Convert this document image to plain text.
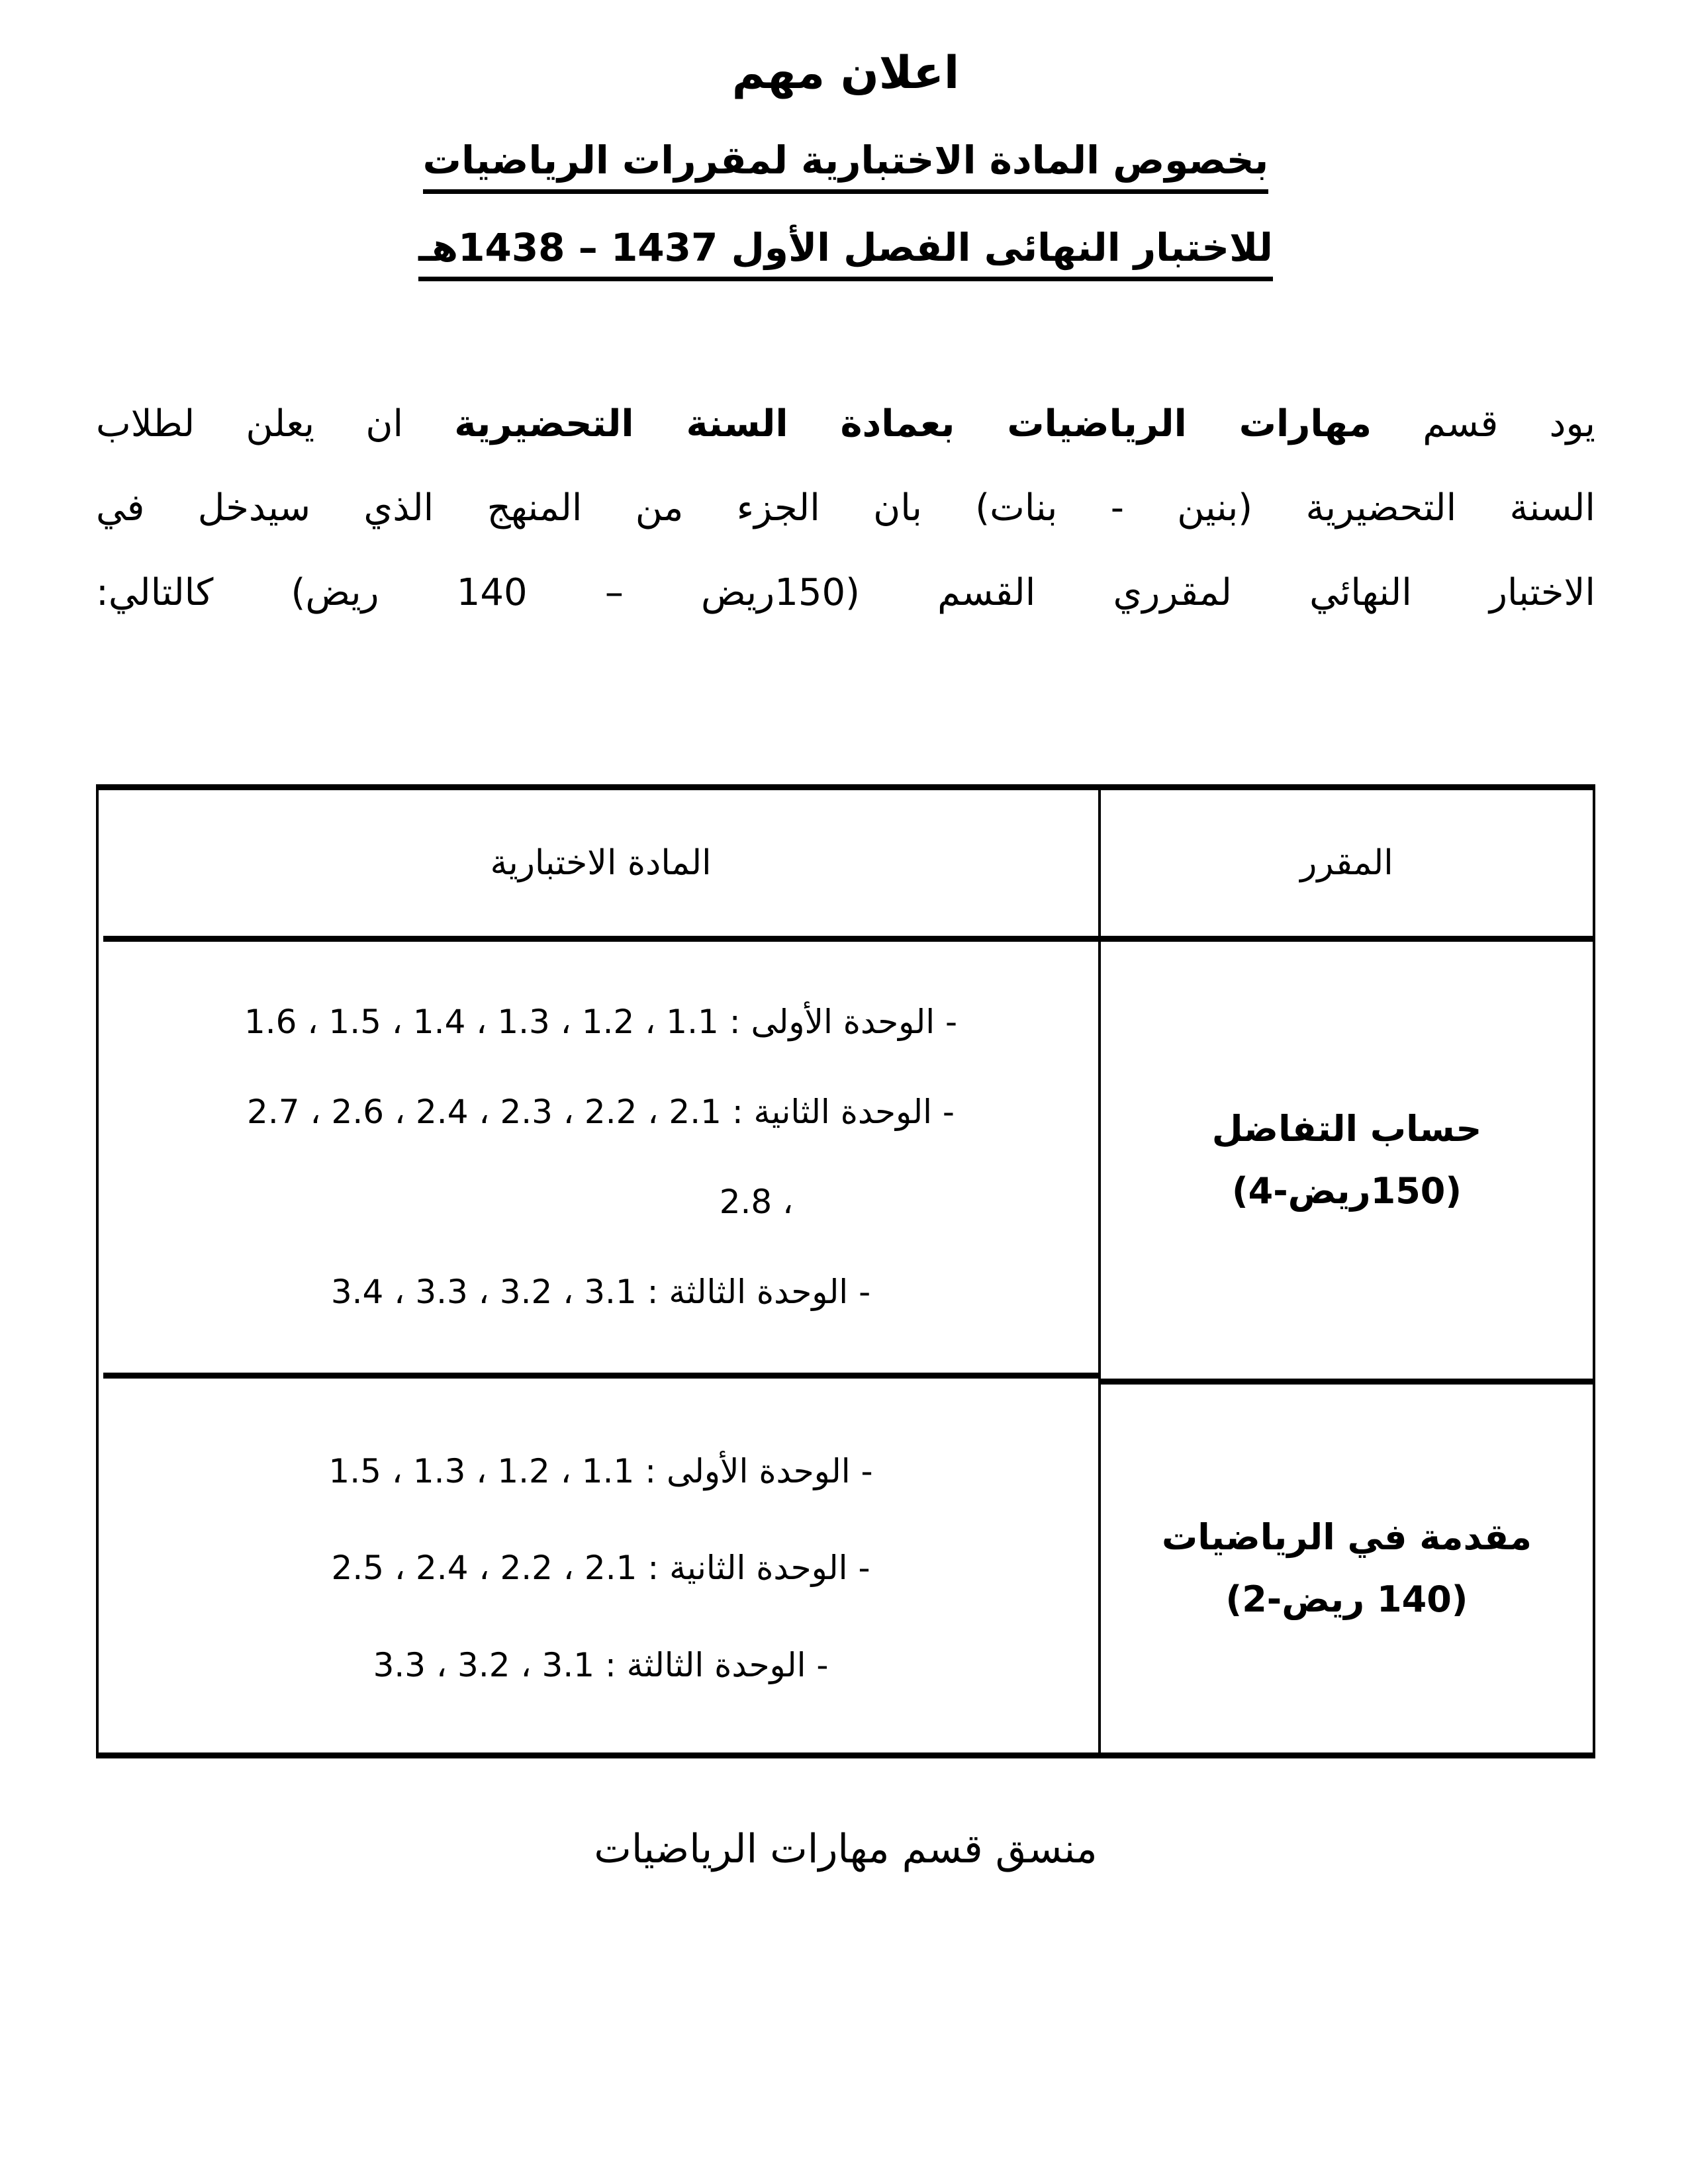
اعلان مهم
بخصوص المادة الاختبارية لمقررات الرياضيات
للاختبار النهائى الفصل الأول 1437 – 1438هـ
يود قسم مهارات الرياضيات بعمادة السنة التحضيرية ان يعلن لطلاب
السنة التحضيرية (بنين - بنات) بان الجزء من المنهج الذي سيدخل في
الاختبار النهائي لمقرري القسم (150ريض – 140 ريض) كالتالي:
المقرر
المادة الاختبارية
حساب التفاضل
(150ريض-4)
- الوحدة الأولى : 1.1 ، 1.2 ، 1.3 ، 1.4 ، 1.5 ، 1.6
- الوحدة الثانية : 2.1 ، 2.2 ، 2.3 ، 2.4 ، 2.6 ، 2.7
، 2.8
- الوحدة الثالثة : 3.1 ، 3.2 ، 3.3 ، 3.4
مقدمة في الرياضيات
(140 ريض-2)
- الوحدة الأولى : 1.1 ، 1.2 ، 1.3 ، 1.5
- الوحدة الثانية : 2.1 ، 2.2 ، 2.4 ، 2.5
- الوحدة الثالثة : 3.1 ، 3.2 ، 3.3
منسق قسم مهارات الرياضيات
